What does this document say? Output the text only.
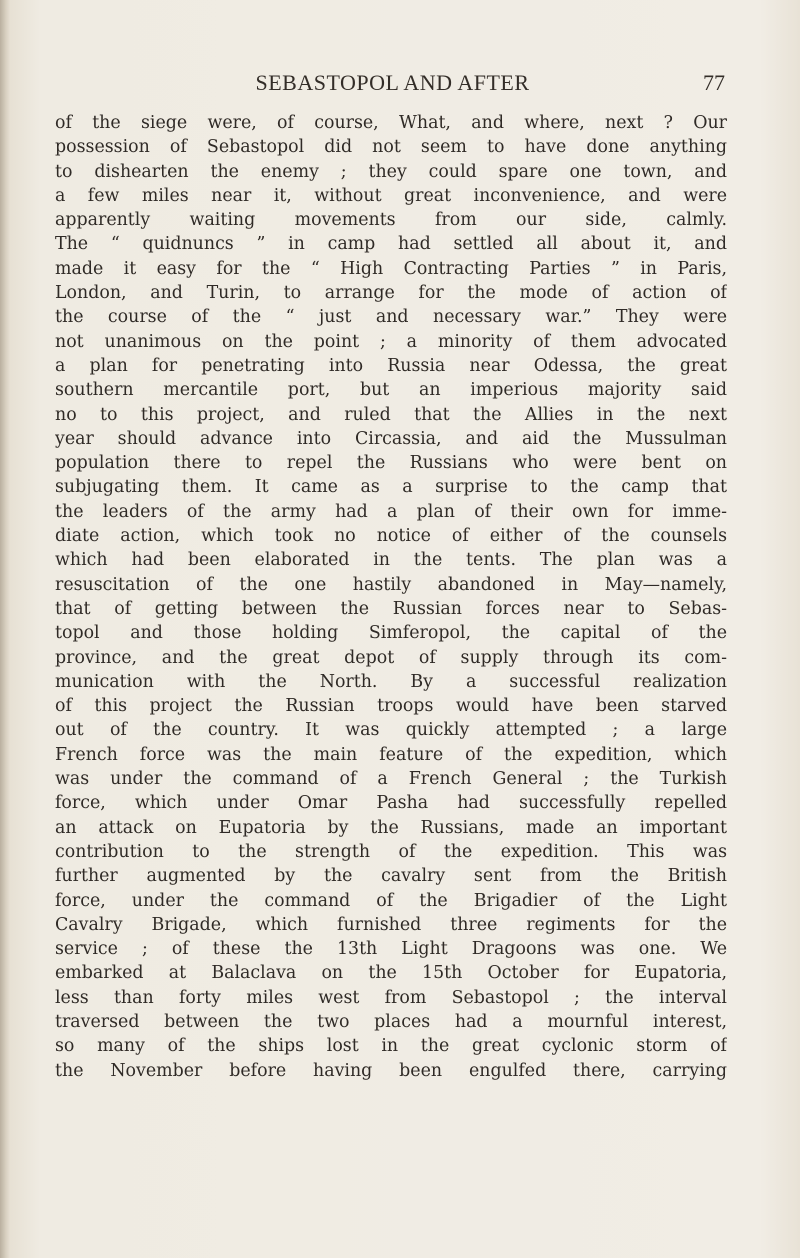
SEBASTOPOL AND AFTER	77
of the siege were, of course, What, and where, next ? Our
possession of Sebastopol did not seem to have done anything
to dishearten the enemy ; they could spare one town, and
a few miles near it, without great inconvenience, and were
apparently waiting movements from our side, calmly.
The “ quidnuncs ” in camp had settled all about it, and
made it easy for the “ High Contracting Parties ” in Paris,
London, and Turin, to arrange for the mode of action of
the course of the “ just and necessary war.” They were
not unanimous on the point ; a minority of them advocated
a plan for penetrating into Russia near Odessa, the great
southern mercantile port, but an imperious majority said
no to this project, and ruled that the Allies in the next
year should advance into Circassia, and aid the Mussulman
population there to repel the Russians who were bent on
subjugating them. It came as a surprise to the camp that
the leaders of the army had a plan of their own for imme-
diate action, which took no notice of either of the counsels
which had been elaborated in the tents. The plan was a
resuscitation of the one hastily abandoned in May—namely,
that of getting between the Russian forces near to Sebas-
topol and those holding Simferopol, the capital of the
province, and the great depot of supply through its com-
munication with the North. By a successful realization
of this project the Russian troops would have been starved
out of the country. It was quickly attempted ; a large
French force was the main feature of the expedition, which
was under the command of a French General ; the Turkish
force, which under Omar Pasha had successfully repelled
an attack on Eupatoria by the Russians, made an important
contribution to the strength of the expedition. This was
further augmented by the cavalry sent from the British
force, under the command of the Brigadier of the Light
Cavalry Brigade, which furnished three regiments for the
service ; of these the 13th Light Dragoons was one. We
embarked at Balaclava on the 15th October for Eupatoria,
less than forty miles west from Sebastopol ; the interval
traversed between the two places had a mournful interest,
so many of the ships lost in the great cyclonic storm of
the November before having been engulfed there, carrying
